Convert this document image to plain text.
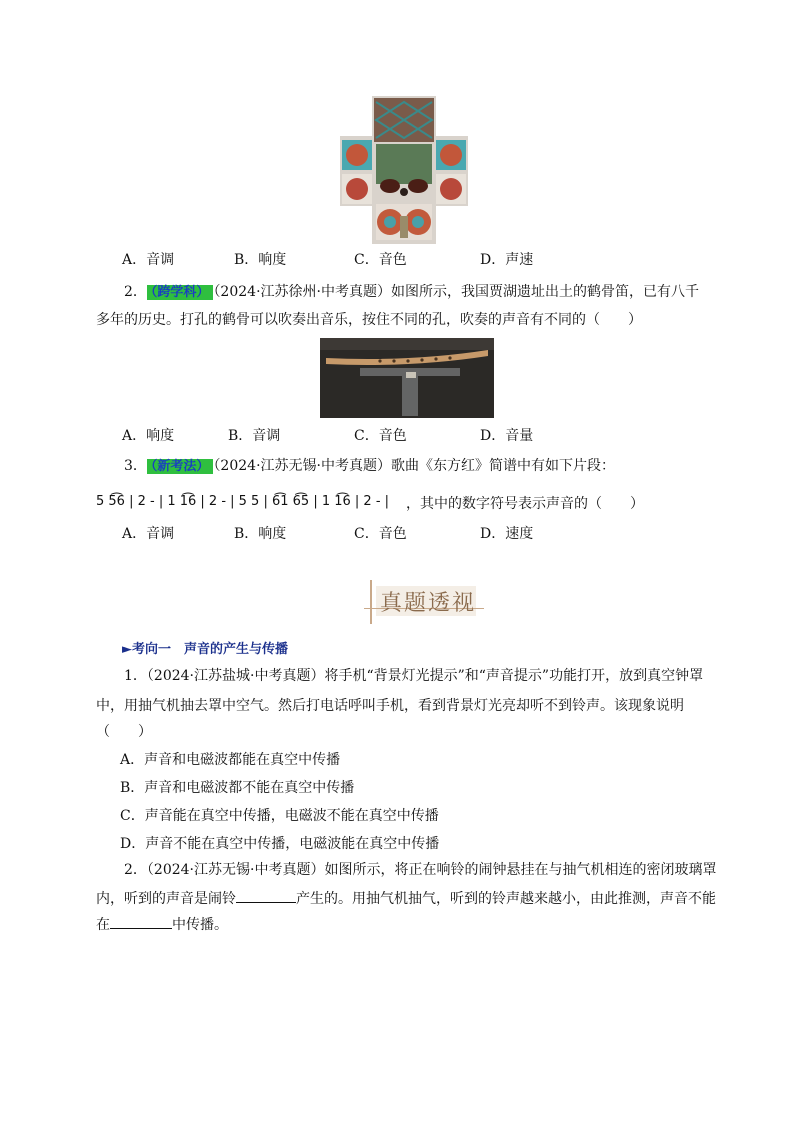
A．音调	B．响度	C．音色	D．声速
2． （跨学科） （2024·江苏徐州·中考真题）如图所示，我国贾湖遗址出土的鹤骨笛，已有八千
多年的历史。打孔的鹤骨可以吹奏出音乐，按住不同的孔，吹奏的声音有不同的（　　）
A．响度	B．音调	C．音色	D．音量
3． （新考法） （2024·江苏无锡·中考真题）歌曲《东方红》简谱中有如下片段：
5 5͡6 | 2 - | 1 1͡6 | 2 - | 5 5 | 6͡1 6͡5 | 1 1͡6 | 2 - | ，其中的数字符号表示声音的（　　）
A．音调	B．响度	C．音色	D．速度
真题透视
►考向一　声音的产生与传播
1．（2024·江苏盐城·中考真题）将手机“背景灯光提示”和“声音提示”功能打开，放到真空钟罩
中，用抽气机抽去罩中空气。然后打电话呼叫手机，看到背景灯光亮却听不到铃声。该现象说明
（　　）
A．声音和电磁波都能在真空中传播
B．声音和电磁波都不能在真空中传播
C．声音能在真空中传播，电磁波不能在真空中传播
D．声音不能在真空中传播，电磁波能在真空中传播
2．（2024·江苏无锡·中考真题）如图所示，将正在响铃的闹钟悬挂在与抽气机相连的密闭玻璃罩
内，听到的声音是闹铃	产生的。用抽气机抽气，听到的铃声越来越小，由此推测，声音不能
在	中传播。
